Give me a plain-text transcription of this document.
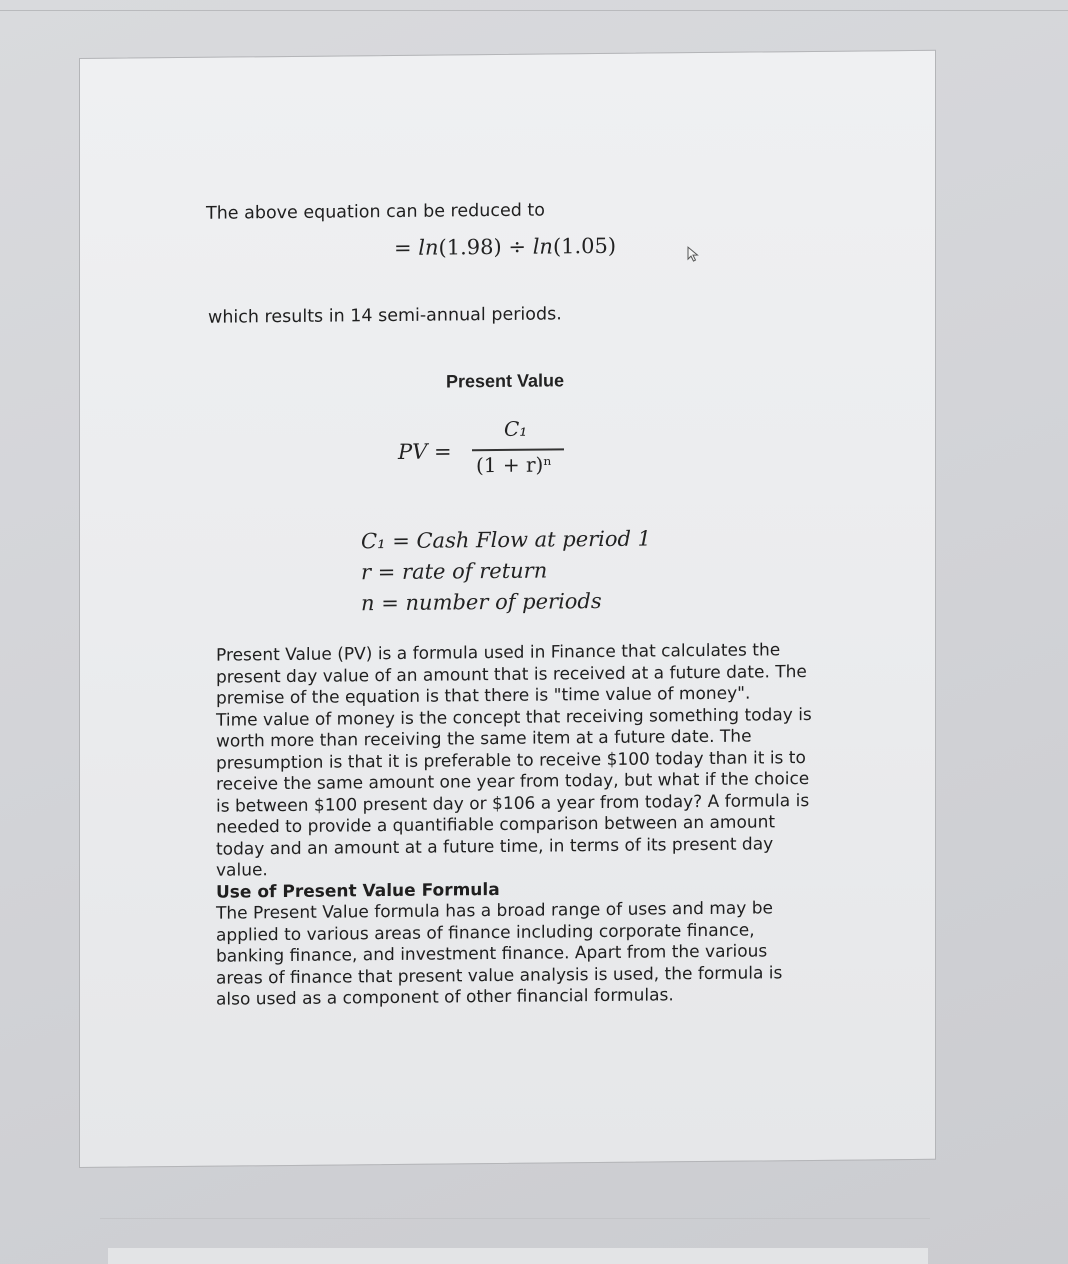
The above equation can be reduced to

= ln(1.98) ÷ ln(1.05)

which results in 14 semi-annual periods.

Present Value
PV =
C₁
(1 + r)ⁿ
C₁ = Cash Flow at period 1
r = rate of return
n = number of periods

Present Value (PV) is a formula used in Finance that calculates the present day value of an amount that is received at a future date. The premise of the equation is that there is "time value of money".

Time value of money is the concept that receiving something today is worth more than receiving the same item at a future date. The presumption is that it is preferable to receive $100 today than it is to receive the same amount one year from today, but what if the choice is between $100 present day or $106 a year from today? A formula is needed to provide a quantifiable comparison between an amount today and an amount at a future time, in terms of its present day value.

Use of Present Value Formula

The Present Value formula has a broad range of uses and may be applied to various areas of finance including corporate finance, banking finance, and investment finance. Apart from the various areas of finance that present value analysis is used, the formula is also used as a component of other financial formulas.
